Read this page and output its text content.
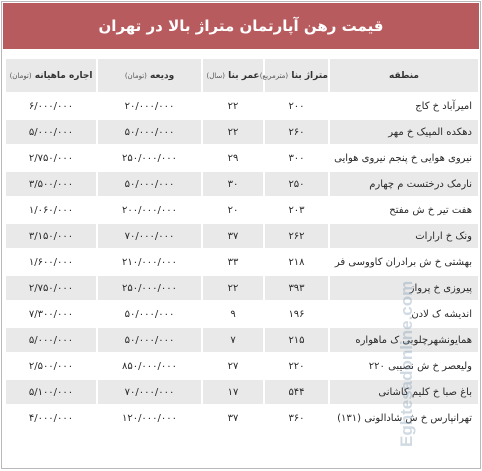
قیمت رهن آپارتمان متراژ بالا در تهران
منطقه	متراژ بنا (مترمربع)	عمر بنا (سال)	ودیعه (تومان)	اجاره ماهیانه (تومان)
امیرآباد خ کاج	۲۰۰	۲۲	۲۰/۰۰۰/۰۰۰	۶/۰۰۰/۰۰۰
دهکده المپیک خ مهر	۲۶۰	۲۲	۵۰/۰۰۰/۰۰۰	۵/۰۰۰/۰۰۰
نیروی هوایی خ پنجم نیروی هوایی	۳۰۰	۲۹	۲۵۰/۰۰۰/۰۰۰	۲/۷۵۰/۰۰۰
نارمک درختست م چهارم	۲۵۰	۳۰	۵۰/۰۰۰/۰۰۰	۳/۵۰۰/۰۰۰
هفت تیر خ ش مفتح	۲۰۳	۲۰	۲۰۰/۰۰۰/۰۰۰	۱/۰۶۰/۰۰۰
ونک خ ارارات	۲۶۲	۳۷	۷۰/۰۰۰/۰۰۰	۳/۱۵۰/۰۰۰
بهشتی خ ش برادران کاووسی فر	۲۱۸	۳۳	۲۱۰/۰۰۰/۰۰۰	۱/۶۰۰/۰۰۰
پیروزی خ پرواز	۳۹۳	۲۲	۲۵۰/۰۰۰/۰۰۰	۲/۷۵۰/۰۰۰
اندیشه ک لادن	۱۹۶	۹	۵۰/۰۰۰/۰۰۰	۷/۳۰۰/۰۰۰
همایونشهرچلوبی ک ماهواره	۲۱۵	۷	۵۰/۰۰۰/۰۰۰	۵/۰۰۰/۰۰۰
ولیعصر خ ش نصیبی ۲۲۰	۲۲۰	۲۷	۸۵۰/۰۰۰/۰۰۰	۲/۵۰۰/۰۰۰
باغ صبا خ کلیم کاشانی	۵۴۴	۱۷	۷۰/۰۰۰/۰۰۰	۵/۱۰۰/۰۰۰
تهرانپارس خ ش شادالونی (۱۳۱)	۳۶۰	۳۷	۱۲۰/۰۰۰/۰۰۰	۴/۰۰۰/۰۰۰	Eghtesadonline.com
